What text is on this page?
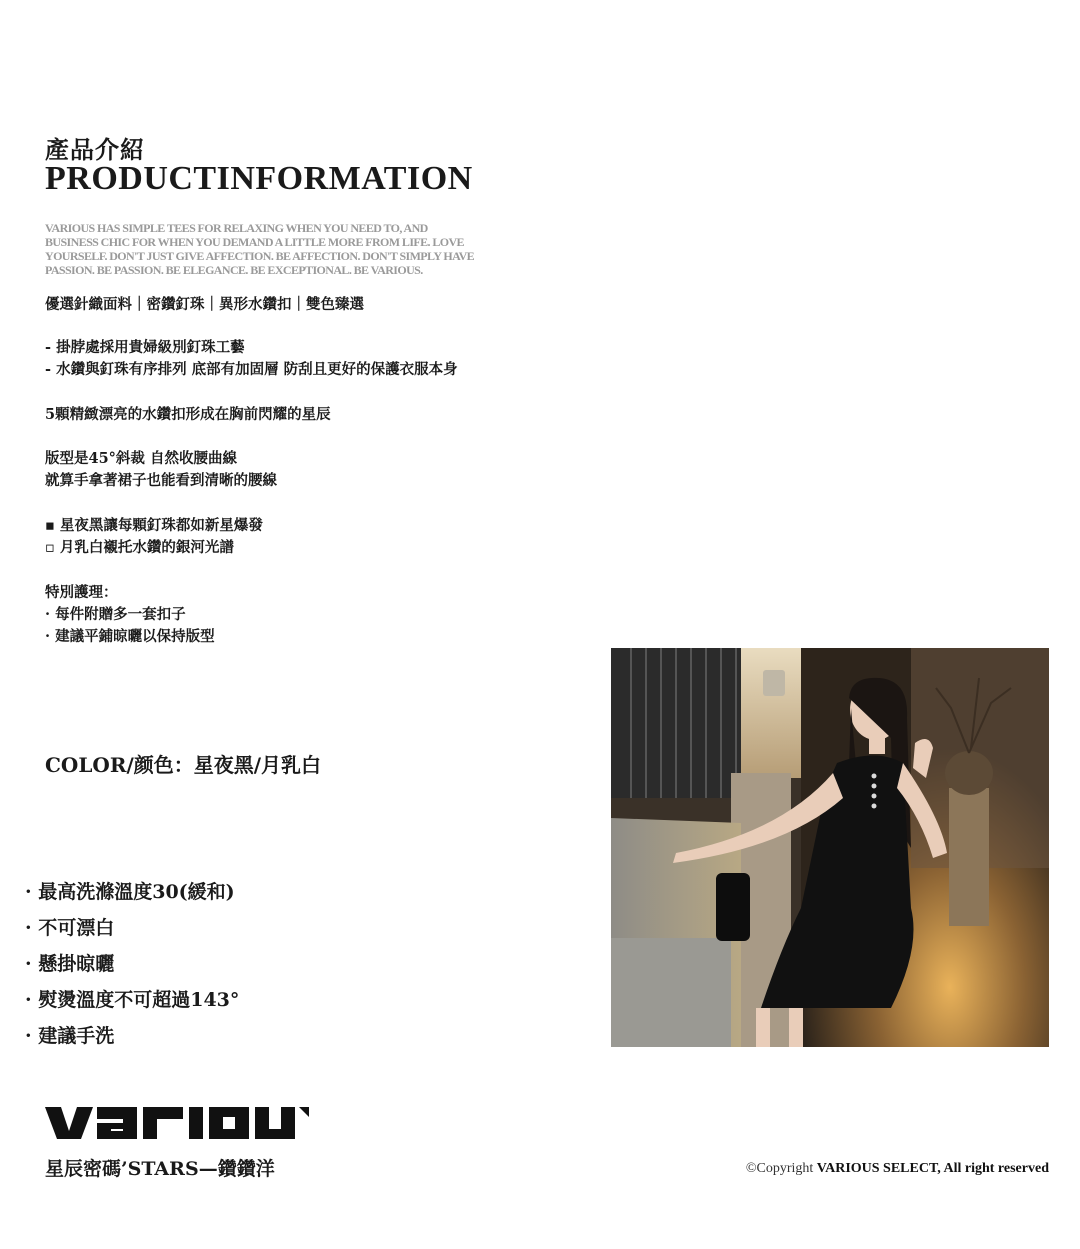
產品介紹
PRODUCTINFORMATION
VARIOUS HAS SIMPLE TEES FOR RELAXING WHEN YOU NEED TO, AND
BUSINESS CHIC FOR WHEN YOU DEMAND A LITTLE MORE FROM LIFE. LOVE
YOURSELF. DON'T JUST GIVE AFFECTION. BE AFFECTION. DON'T SIMPLY HAVE
PASSION. BE PASSION. BE ELEGANCE. BE EXCEPTIONAL. BE VARIOUS.
優選針織面料｜密鑽釘珠｜異形水鑽扣｜雙色臻選
- 掛脖處採用貴婦級別釘珠工藝
- 水鑽與釘珠有序排列 底部有加固層 防刮且更好的保護衣服本身
5顆精緻漂亮的水鑽扣形成在胸前閃耀的星辰
版型是45°斜裁 自然收腰曲線
就算手拿著裙子也能看到清晰的腰線
▪ 星夜黑讓每顆釘珠都如新星爆發
▫ 月乳白襯托水鑽的銀河光譜
特別護理：
· 每件附贈多一套扣子
· 建議平鋪晾曬以保持版型
COLOR/颜色：星夜黑/月乳白
· 最高洗滌溫度30(緩和)
· 不可漂白
· 懸掛晾曬
· 熨燙溫度不可超過143°
· 建議手洗
星辰密碼’STARS—鑽鑽洋	©Copyright VARIOUS SELECT, All right reserved
